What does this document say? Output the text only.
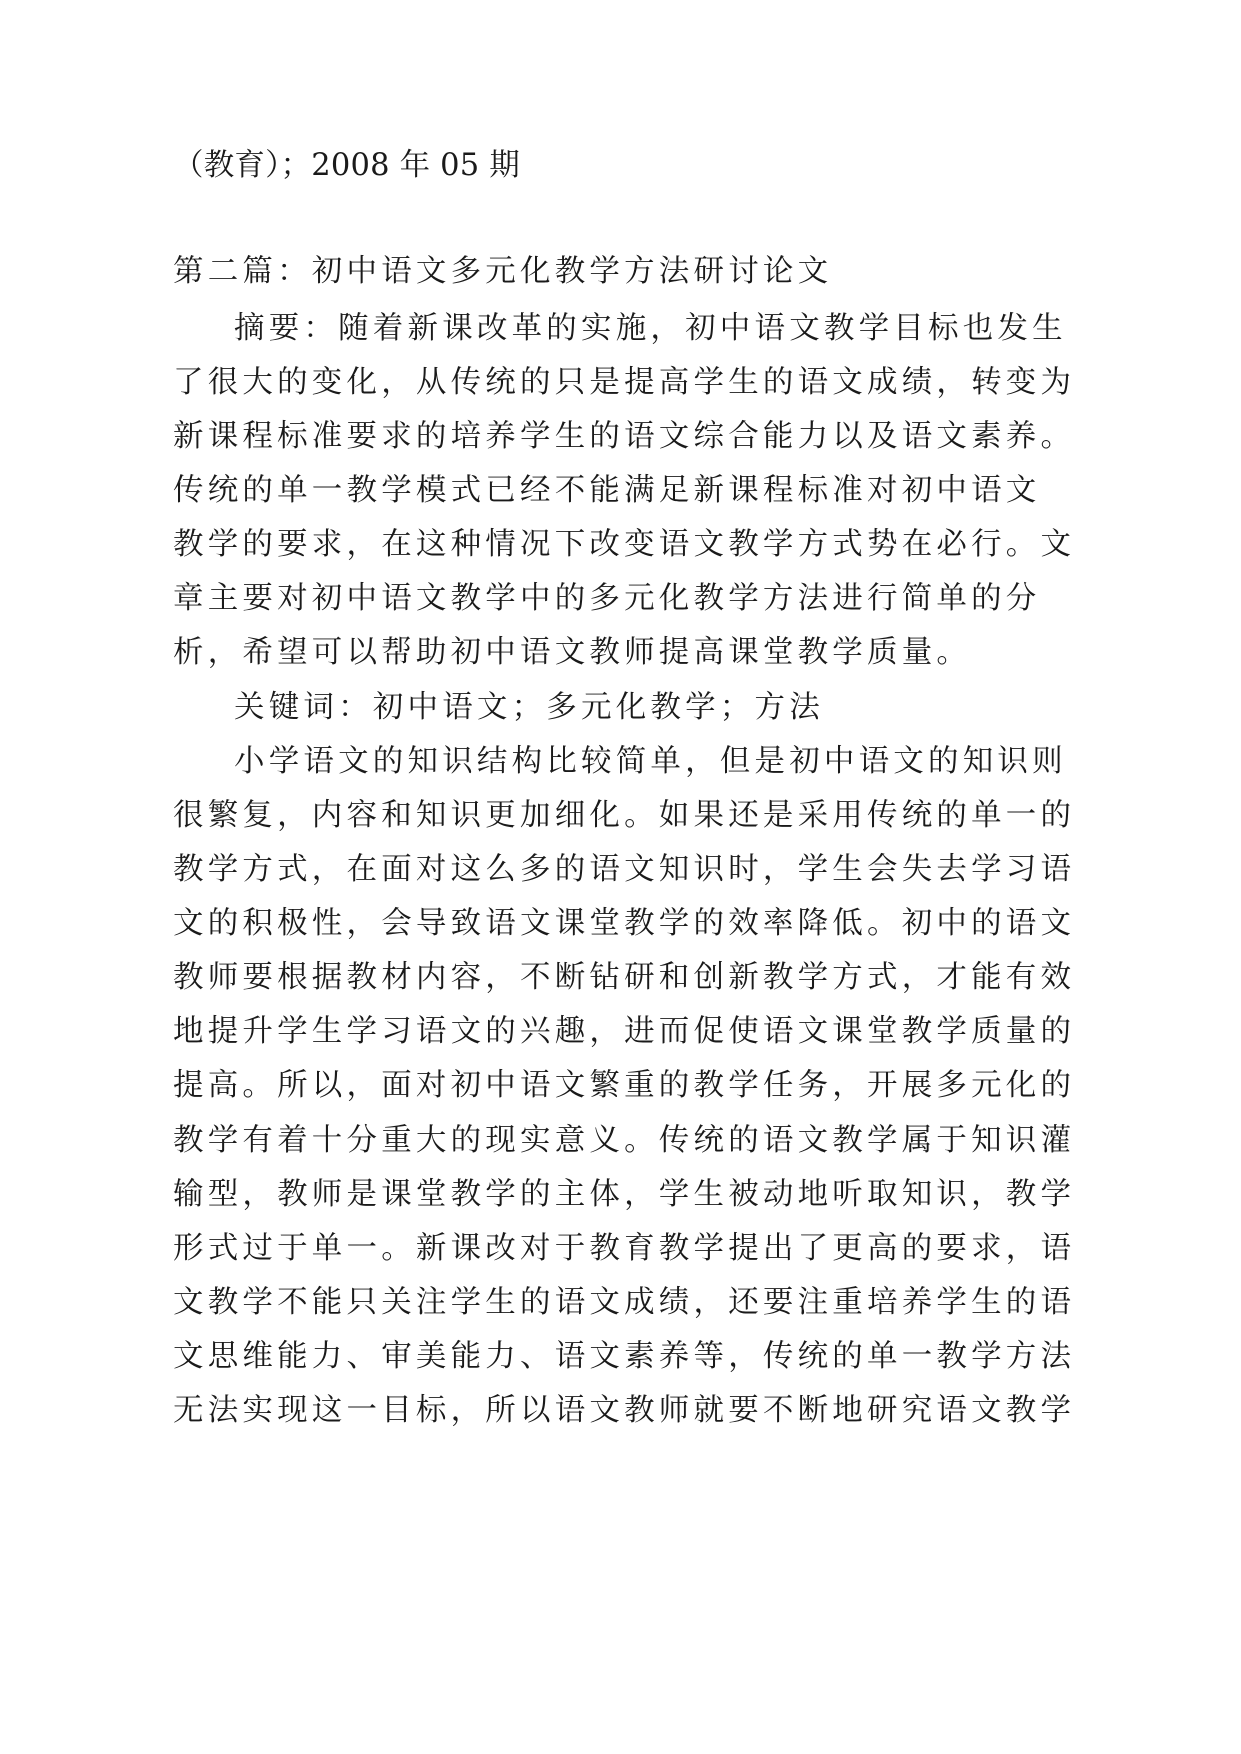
（教育）；2008 年 05 期
第二篇：初中语文多元化教学方法研讨论文
摘要：随着新课改革的实施，初中语文教学目标也发生
了很大的变化，从传统的只是提高学生的语文成绩，转变为
新课程标准要求的培养学生的语文综合能力以及语文素养。
传统的单一教学模式已经不能满足新课程标准对初中语文
教学的要求，在这种情况下改变语文教学方式势在必行。文
章主要对初中语文教学中的多元化教学方法进行简单的分
析，希望可以帮助初中语文教师提高课堂教学质量。
关键词：初中语文；多元化教学；方法
小学语文的知识结构比较简单，但是初中语文的知识则
很繁复，内容和知识更加细化。如果还是采用传统的单一的
教学方式，在面对这么多的语文知识时，学生会失去学习语
文的积极性，会导致语文课堂教学的效率降低。初中的语文
教师要根据教材内容，不断钻研和创新教学方式，才能有效
地提升学生学习语文的兴趣，进而促使语文课堂教学质量的
提高。所以，面对初中语文繁重的教学任务，开展多元化的
教学有着十分重大的现实意义。传统的语文教学属于知识灌
输型，教师是课堂教学的主体，学生被动地听取知识，教学
形式过于单一。新课改对于教育教学提出了更高的要求，语
文教学不能只关注学生的语文成绩，还要注重培养学生的语
文思维能力、审美能力、语文素养等，传统的单一教学方法
无法实现这一目标，所以语文教师就要不断地研究语文教学
